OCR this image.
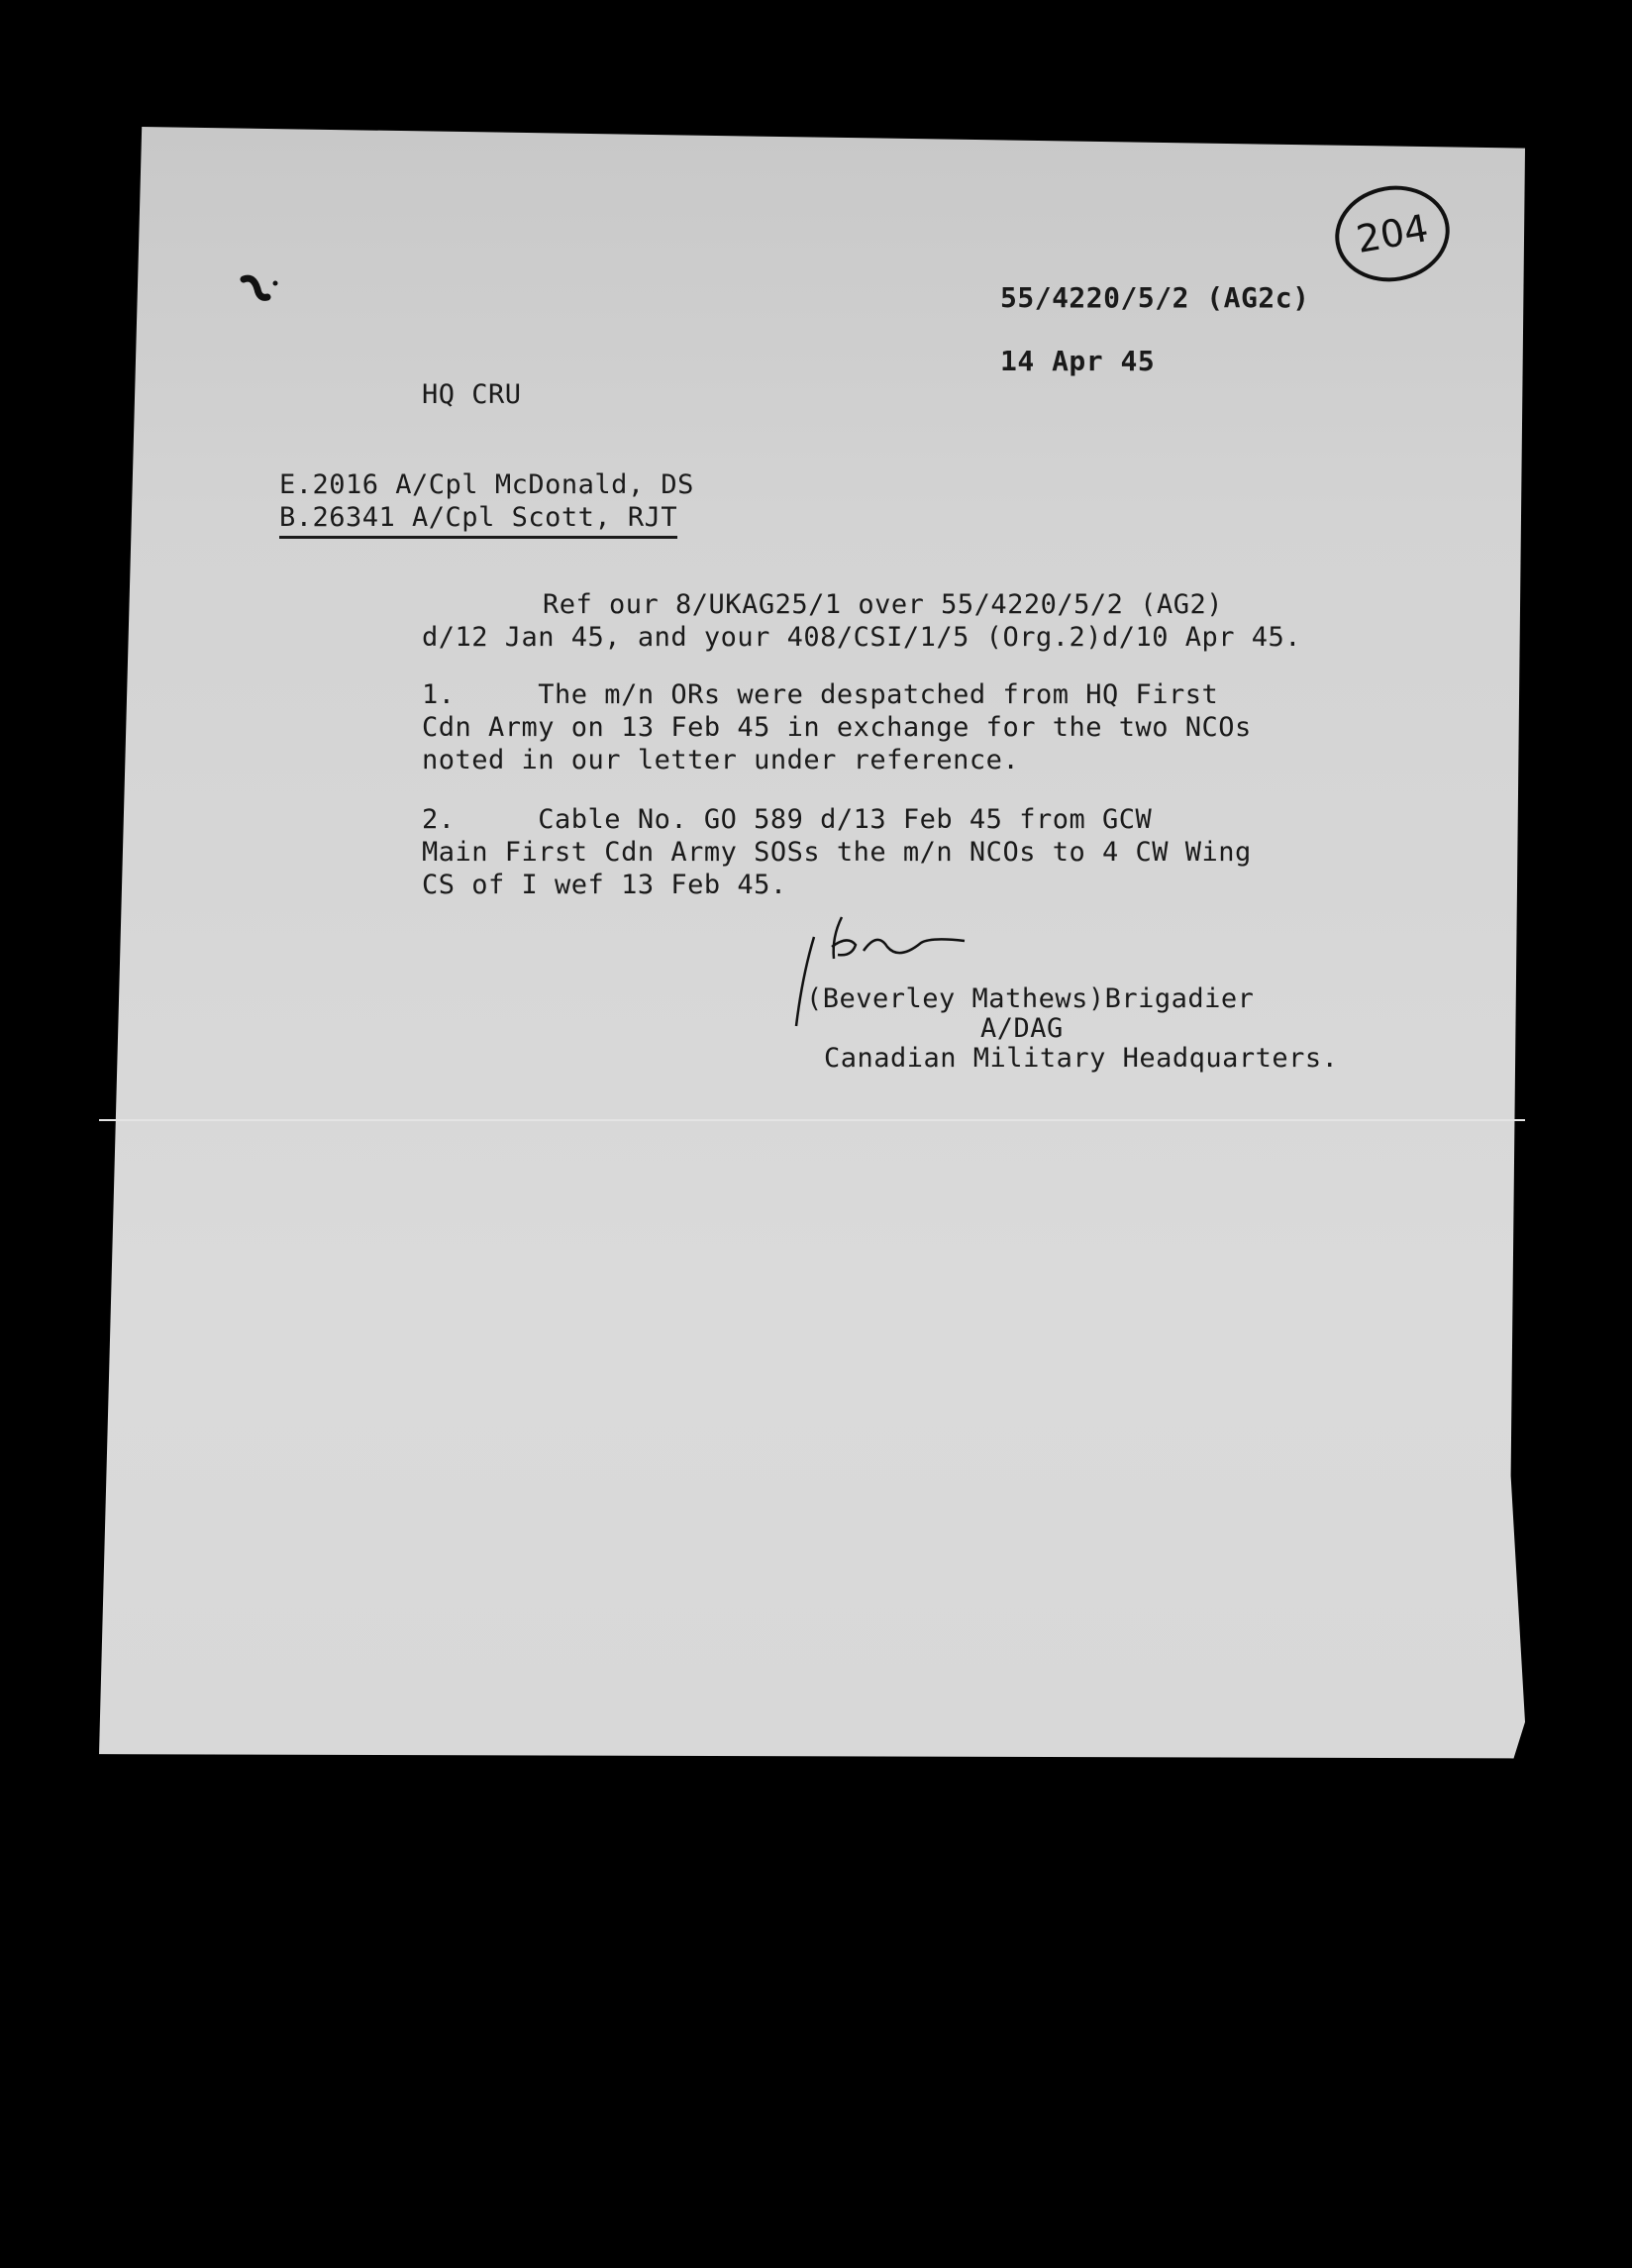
204
55/4220/5/2 (AG2c)
14 Apr 45
HQ CRU
E.2016 A/Cpl McDonald, DS
B.26341 A/Cpl Scott, RJT
Ref our 8/UKAG25/1 over 55/4220/5/2 (AG2)
d/12 Jan 45, and your 408/CSI/1/5 (Org.2)d/10 Apr 45.
1.     The m/n ORs were despatched from HQ First
Cdn Army on 13 Feb 45 in exchange for the two NCOs
noted in our letter under reference.
2.     Cable No. GO 589 d/13 Feb 45 from GCW
Main First Cdn Army SOSs the m/n NCOs to 4 CW Wing
CS of I wef 13 Feb 45.
(Beverley Mathews)Brigadier
A/DAG
Canadian Military Headquarters.
